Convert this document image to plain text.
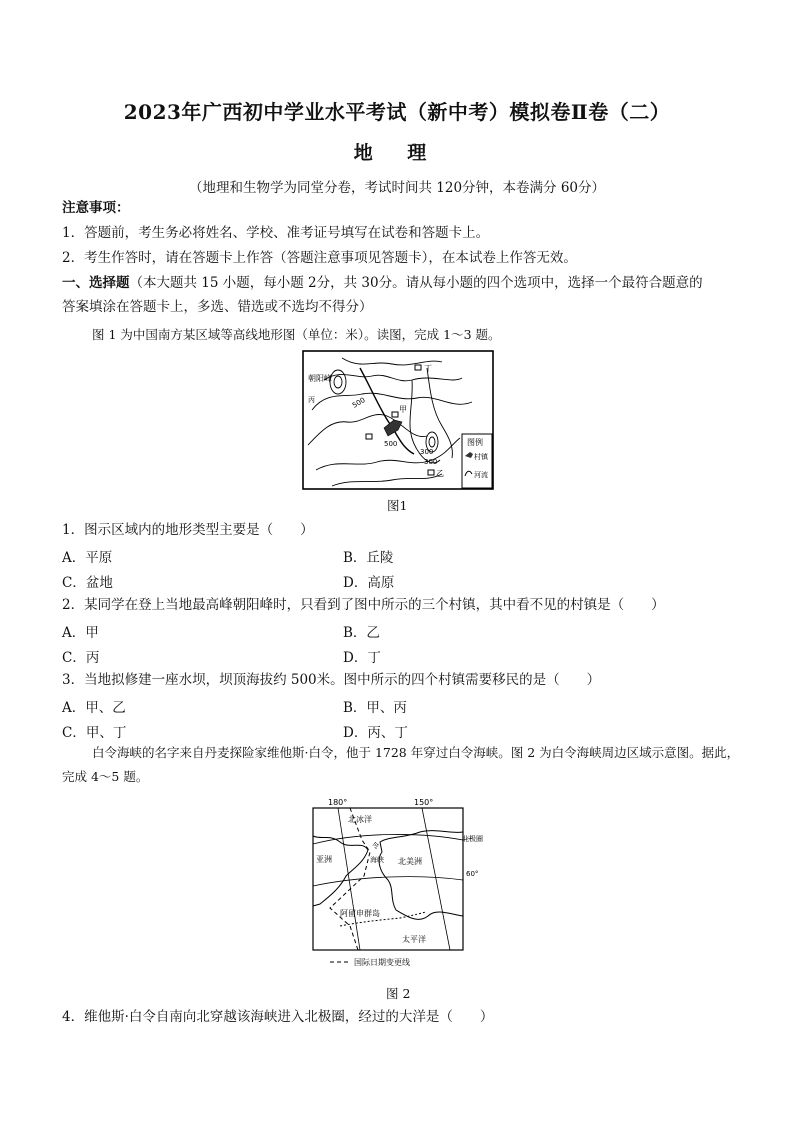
2023年广西初中学业水平考试（新中考）模拟卷Ⅱ卷（二）
地 理
（地理和生物学为同堂分卷，考试时间共 120分钟，本卷满分 60分）
注意事项：
1．答题前，考生务必将姓名、学校、准考证号填写在试卷和答题卡上。
2．考生作答时，请在答题卡上作答（答题注意事项见答题卡），在本试卷上作答无效。
一、选择题（本大题共 15 小题，每小题 2分，共 30分。请从每小题的四个选项中，选择一个最符合题意的
答案填涂在答题卡上，多选、错选或不选均不得分）
图 1 为中国南方某区域等高线地形图（单位：米）。读图，完成 1～3 题。
朝阳峰
丙
丁
甲
乙
500
500
300
300
图例
村镇
河流
图1
1．图示区域内的地形类型主要是（　　）
A．平原	B．丘陵
C．盆地	D．高原
2．某同学在登上当地最高峰朝阳峰时，只看到了图中所示的三个村镇，其中看不见的村镇是（　　）
A．甲	B．乙
C．丙	D．丁
3．当地拟修建一座水坝，坝顶海拔约 500米。图中所示的四个村镇需要移民的是（　　）
A．甲、乙	B．甲、丙
C．甲、丁	D．丙、丁
白令海峡的名字来自丹麦探险家维他斯·白令，他于 1728 年穿过白令海峡。图 2 为白令海峡周边区域示意图。据此，完成 4～5 题。
180°	150°
北极圈
60°
北冰洋
亚洲
令
海峡 北美洲
阿留申群岛
太平洋
国际日期变更线
图 2
4．维他斯·白令自南向北穿越该海峡进入北极圈，经过的大洋是（　　）
